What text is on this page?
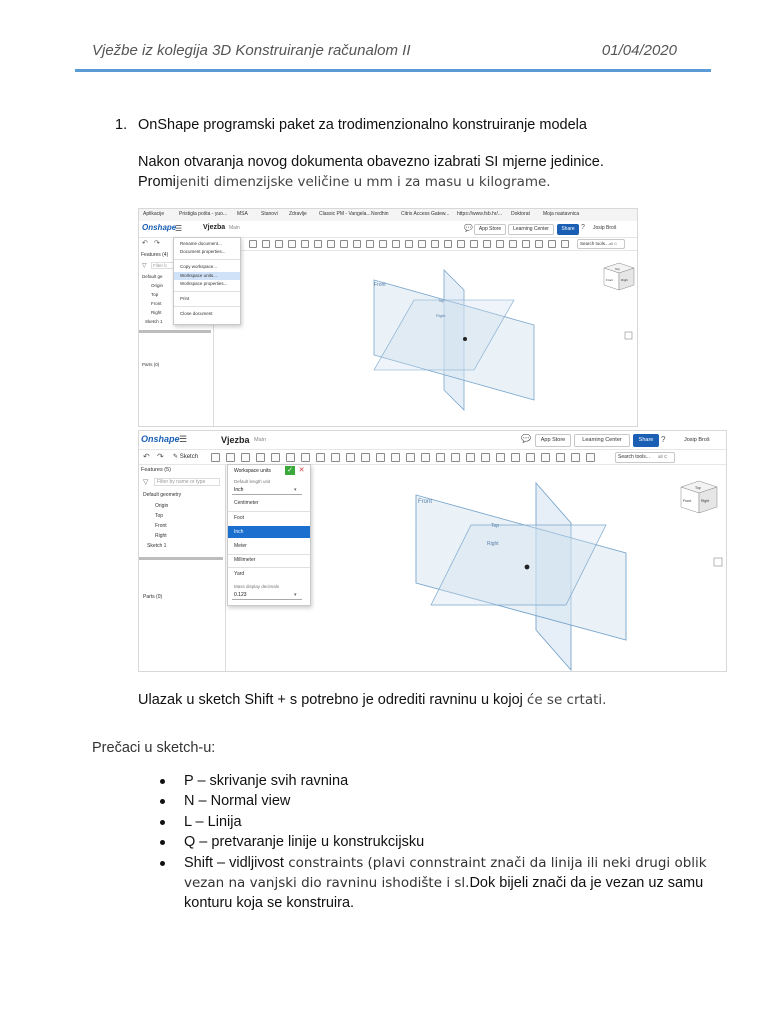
Vježbe iz kolegija 3D Konstruiranje računalom II	01/04/2020
1. OnShape programski paket za trodimenzionalno konstruiranje modela
Nakon otvaranja novog dokumenta obavezno izabrati SI mjerne jedinice.
Promijeniti dimenzijske veličine u mm i za masu u kilograme.
Aplikacije	Pristigla pošta - yuo... MSA	Stanovi Zdravlje Classic PM - Vangela... Nordhin Citrix Access Gatew... https://www.fsb.hr/... Doktorat	Moja nastavnica
Onshape
☰	Vjezba Main	💬	App Store	Learning Center	Share ? Josip Broš
↶ ↷	Search tools... alt C
Features (4)
▽	Filter b
Default ge
Origin
Top
Front
Right
Sketch 1
Parts (0)
Rename document...
Document properties...
Copy workspace...
Workspace units...
Workspace properties...
Print
Close document
Front
Top
Right
Top
Front	Right
Onshape ☰	Vjezba Main	💬	App Store	Learning Center	Share ?	Josip Broš
↶ ↷ ✎ Sketch	Search tools...	alt C
Features (5)
▽	Filter by name or type
Default geometry
Origin
Top
Front
Right
Sketch 1
Parts (0)
Workspace units ✓ ✕
Default length unit
Inch	▾
Centimeter
Foot
Inch
Meter
Millimeter
Yard
Mass display decimals
0.123	▾
Front
Top
Right
Top
Front	Right
Ulazak u sketch Shift + s potrebno je odrediti ravninu u kojoj će se crtati.
Prečaci u sketch-u:
P – skrivanje svih ravnina
N – Normal view
L – Linija
Q – pretvaranje linije u konstrukcijsku
Shift – vidljivost constraints (plavi connstraint znači da linija ili neki drugi oblik vezan na vanjski dio ravninu ishodište i sl.Dok bijeli znači da je vezan uz samu konturu koja se konstruira.
